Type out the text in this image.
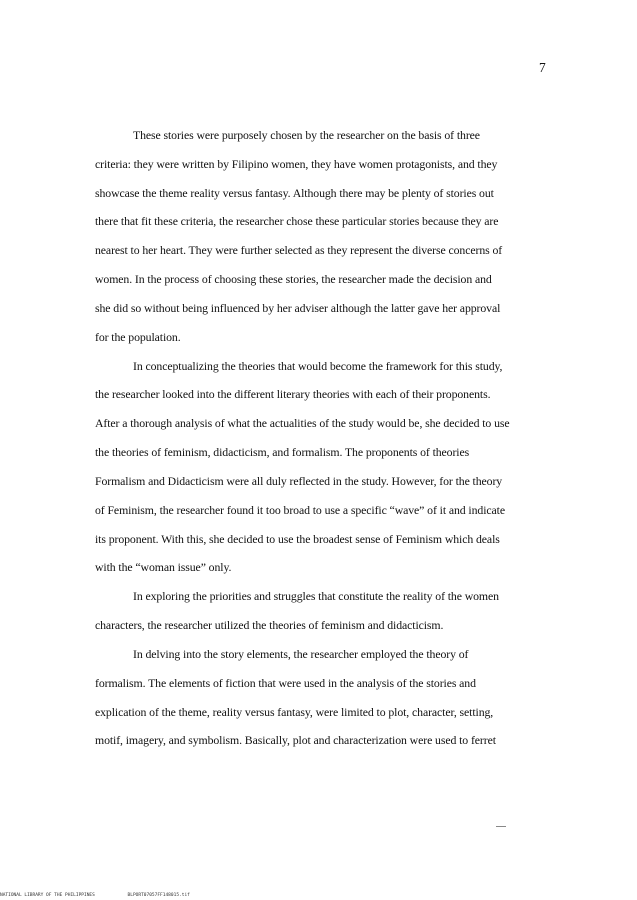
7
These stories were purposely chosen by the researcher on the basis of three
criteria: they were written by Filipino women, they have women protagonists, and they
showcase the theme reality versus fantasy. Although there may be plenty of stories out
there that fit these criteria, the researcher chose these particular stories because they are
nearest to her heart. They were further selected as they represent the diverse concerns of
women. In the process of choosing these stories, the researcher made the decision and
she did so without being influenced by her adviser although the latter gave her approval
for the population.
In conceptualizing the theories that would become the framework for this study,
the researcher looked into the different literary theories with each of their proponents.
After a thorough analysis of what the actualities of the study would be, she decided to use
the theories of feminism, didacticism, and formalism. The proponents of theories
Formalism and Didacticism were all duly reflected in the study. However, for the theory
of Feminism, the researcher found it too broad to use a specific “wave” of it and indicate
its proponent. With this, she decided to use the broadest sense of Feminism which deals
with the “woman issue” only.
In exploring the priorities and struggles that constitute the reality of the women
characters, the researcher utilized the theories of feminism and didacticism.
In delving into the story elements, the researcher employed the theory of
formalism. The elements of fiction that were used in the analysis of the stories and
explication of the theme, reality versus fantasy, were limited to plot, character, setting,
motif, imagery, and symbolism. Basically, plot and characterization were used to ferret
NATIONAL LIBRARY OF THE PHILIPPINES	BLPORT07057FF148015.tif
